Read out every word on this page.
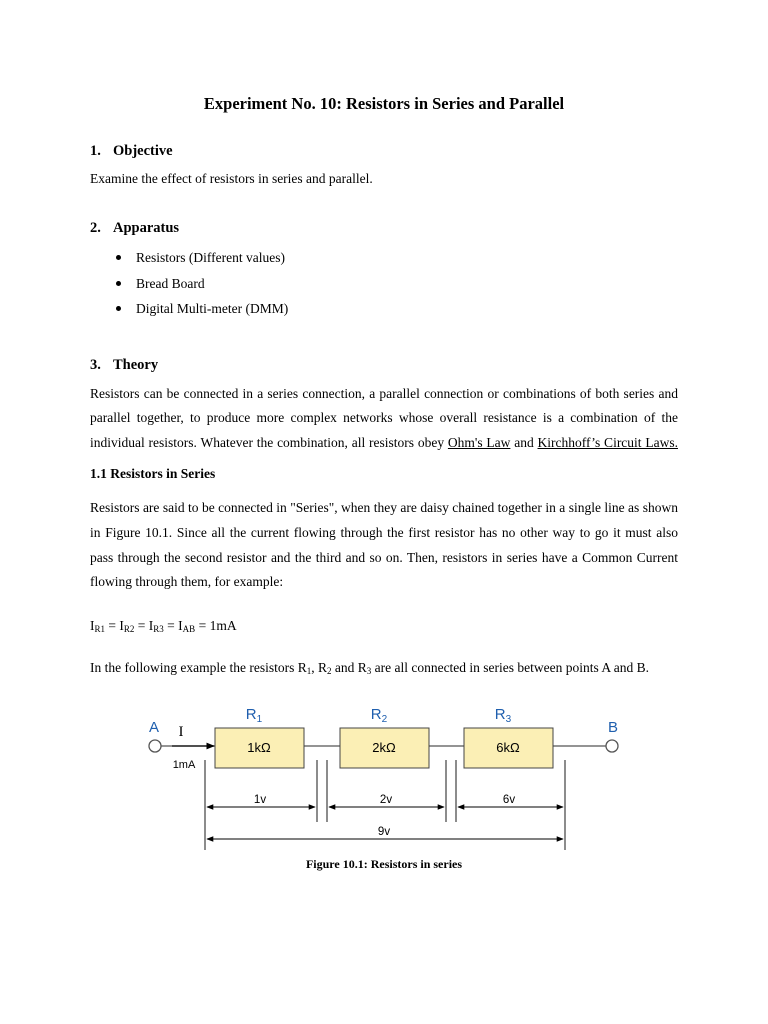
Experiment No. 10: Resistors in Series and Parallel
1. Objective
Examine the effect of resistors in series and parallel.
2. Apparatus
Resistors (Different values)
Bread Board
Digital Multi-meter (DMM)
3. Theory
Resistors can be connected in a series connection, a parallel connection or combinations of both series and
parallel together, to produce more complex networks whose overall resistance is a combination of the
individual resistors. Whatever the combination, all resistors obey Ohm's Law and Kirchhoff’s Circuit Laws.
1.1 Resistors in Series
Resistors are said to be connected in "Series", when they are daisy chained together in a single line as shown
in Figure 10.1. Since all the current flowing through the first resistor has no other way to go it must also
pass through the second resistor and the third and so on. Then, resistors in series have a Common Current
flowing through them, for example:
$I_{R1} = I_{R2} = I_{R3} = I_{AB} = 1mA$
In the following example the resistors $R_1$, $R_2$ and $R_3$ are all connected in series between points A and B.
A	B
I
1mA
1kΩ
$R_1$
2kΩ
$R_2$
6kΩ
$R_3$
1v	2v	6v
9v
Figure 10.1: Resistors in series
